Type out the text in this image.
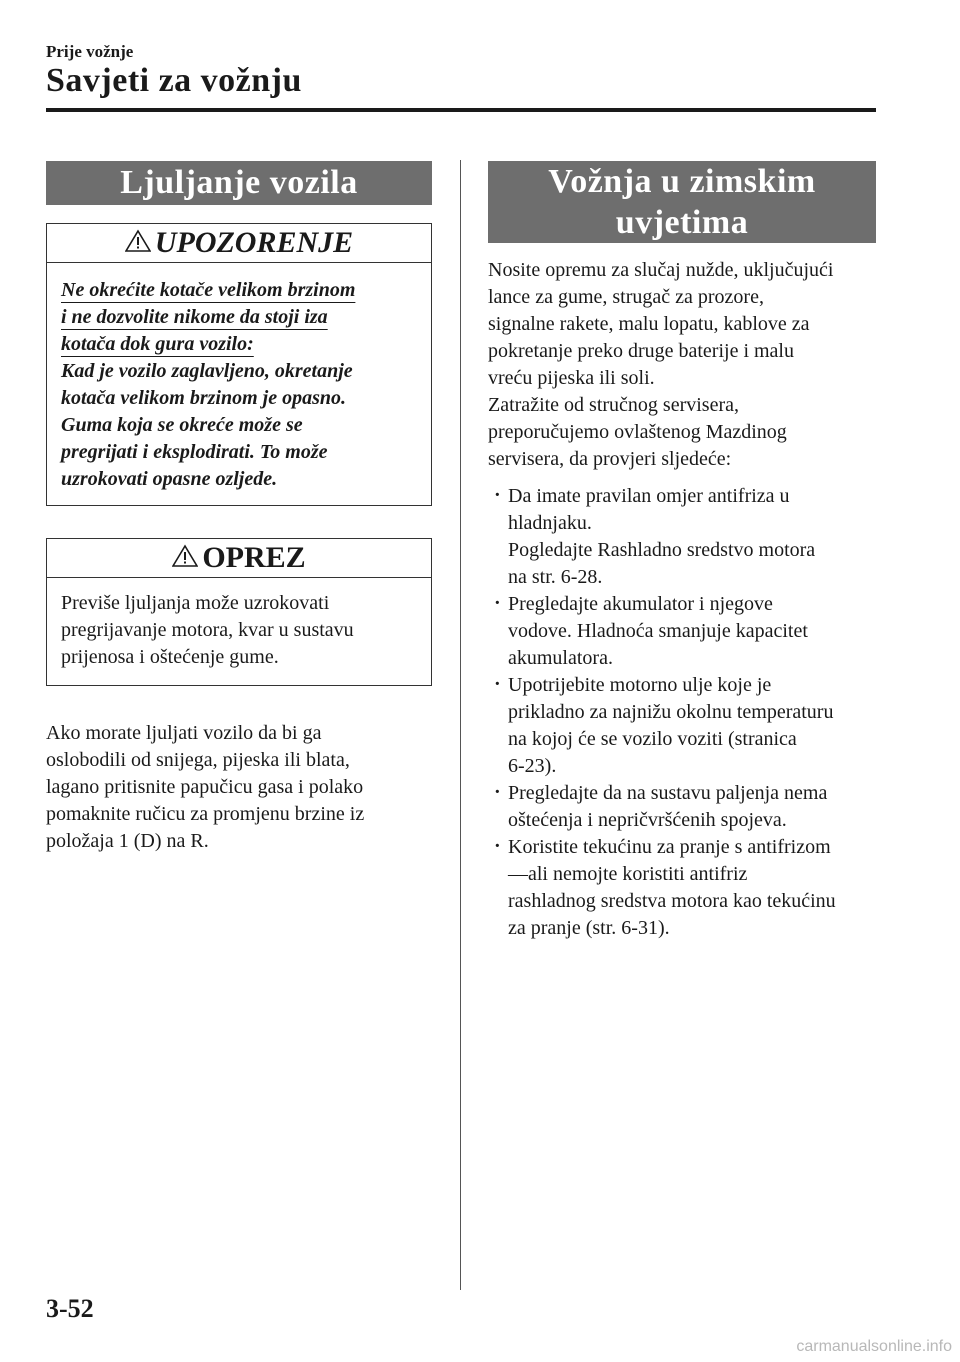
Prije vožnje
Savjeti za vožnju
Ljuljanje vozila
UPOZORENJE
Ne okrećite kotače velikom brzinom
i ne dozvolite nikome da stoji iza
kotača dok gura vozilo:
Kad je vozilo zaglavljeno, okretanje
kotača velikom brzinom je opasno.
Guma koja se okreće može se
pregrijati i eksplodirati. To može
uzrokovati opasne ozljede.
OPREZ
Previše ljuljanja može uzrokovati
pregrijavanje motora, kvar u sustavu
prijenosa i oštećenje gume.
Ako morate ljuljati vozilo da bi ga
oslobodili od snijega, pijeska ili blata,
lagano pritisnite papučicu gasa i polako
pomaknite ručicu za promjenu brzine iz
položaja 1 (D) na R.
Vožnja u zimskim
uvjetima
Nosite opremu za slučaj nužde, uključujući
lance za gume, strugač za prozore,
signalne rakete, malu lopatu, kablove za
pokretanje preko druge baterije i malu
vreću pijeska ili soli.
Zatražite od stručnog servisera,
preporučujemo ovlaštenog Mazdinog
servisera, da provjeri sljedeće:
· Da imate pravilan omjer antifriza u
hladnjaku.
Pogledajte Rashladno sredstvo motora
na str. 6-28.
· Pregledajte akumulator i njegove
vodove. Hladnoća smanjuje kapacitet
akumulatora.
· Upotrijebite motorno ulje koje je
prikladno za najnižu okolnu temperaturu
na kojoj će se vozilo voziti (stranica
6-23).
· Pregledajte da na sustavu paljenja nema
oštećenja i nepričvršćenih spojeva.
· Koristite tekućinu za pranje s antifrizom
—ali nemojte koristiti antifriz
rashladnog sredstva motora kao tekućinu
za pranje (str. 6-31).
3-52
carmanualsonline.info
